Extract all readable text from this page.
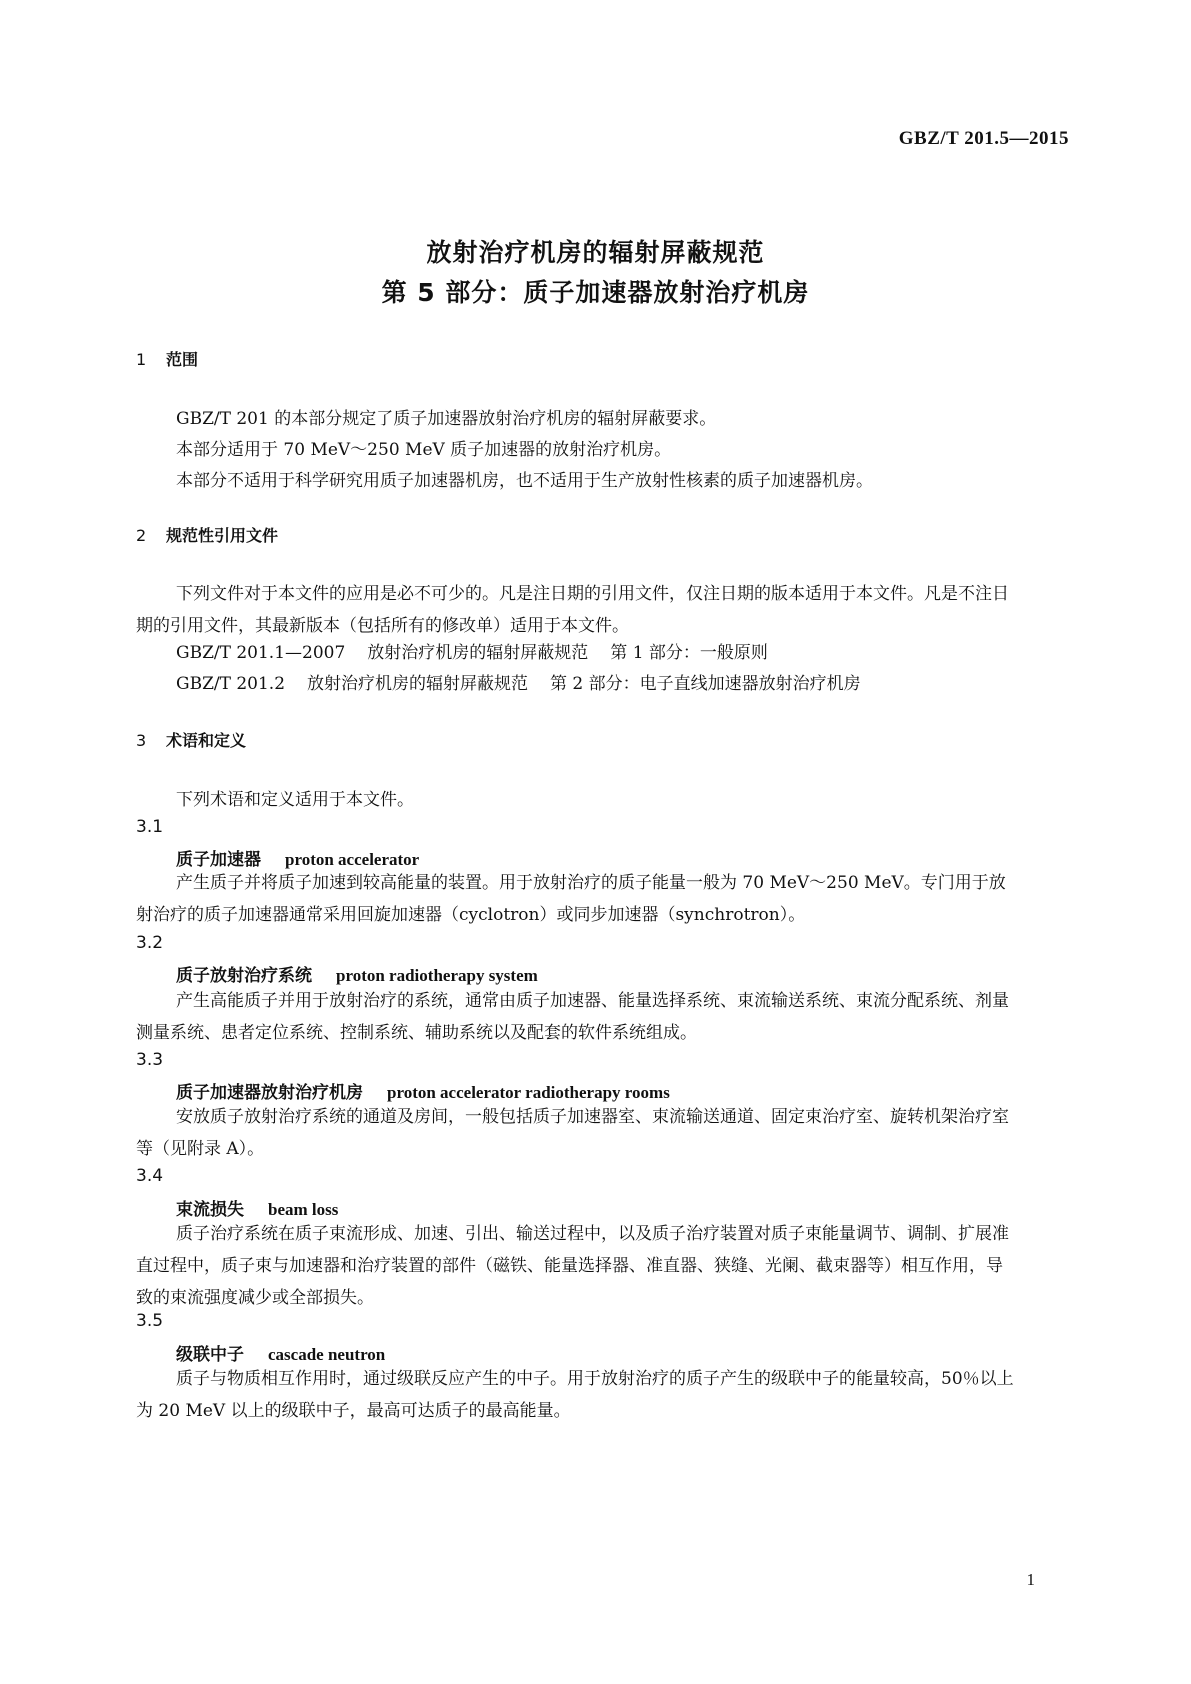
GBZ/T 201.5—2015
放射治疗机房的辐射屏蔽规范
第 5 部分：质子加速器放射治疗机房
1 范围
GBZ/T 201 的本部分规定了质子加速器放射治疗机房的辐射屏蔽要求。
本部分适用于 70 MeV～250 MeV 质子加速器的放射治疗机房。
本部分不适用于科学研究用质子加速器机房，也不适用于生产放射性核素的质子加速器机房。
2 规范性引用文件
下列文件对于本文件的应用是必不可少的。凡是注日期的引用文件，仅注日期的版本适用于本文件。凡是不注日期的引用文件，其最新版本（包括所有的修改单）适用于本文件。
GBZ/T 201.1—2007 放射治疗机房的辐射屏蔽规范 第 1 部分：一般原则
GBZ/T 201.2 放射治疗机房的辐射屏蔽规范 第 2 部分：电子直线加速器放射治疗机房
3 术语和定义
下列术语和定义适用于本文件。
3.1
质子加速器 proton accelerator
产生质子并将质子加速到较高能量的装置。用于放射治疗的质子能量一般为 70 MeV～250 MeV。专门用于放射治疗的质子加速器通常采用回旋加速器（cyclotron）或同步加速器（synchrotron）。
3.2
质子放射治疗系统 proton radiotherapy system
产生高能质子并用于放射治疗的系统，通常由质子加速器、能量选择系统、束流输送系统、束流分配系统、剂量测量系统、患者定位系统、控制系统、辅助系统以及配套的软件系统组成。
3.3
质子加速器放射治疗机房 proton accelerator radiotherapy rooms
安放质子放射治疗系统的通道及房间，一般包括质子加速器室、束流输送通道、固定束治疗室、旋转机架治疗室等（见附录 A）。
3.4
束流损失 beam loss
质子治疗系统在质子束流形成、加速、引出、输送过程中，以及质子治疗装置对质子束能量调节、调制、扩展准直过程中，质子束与加速器和治疗装置的部件（磁铁、能量选择器、准直器、狭缝、光阑、截束器等）相互作用，导致的束流强度减少或全部损失。
3.5
级联中子 cascade neutron
质子与物质相互作用时，通过级联反应产生的中子。用于放射治疗的质子产生的级联中子的能量较高，50％以上为 20 MeV 以上的级联中子，最高可达质子的最高能量。
1
